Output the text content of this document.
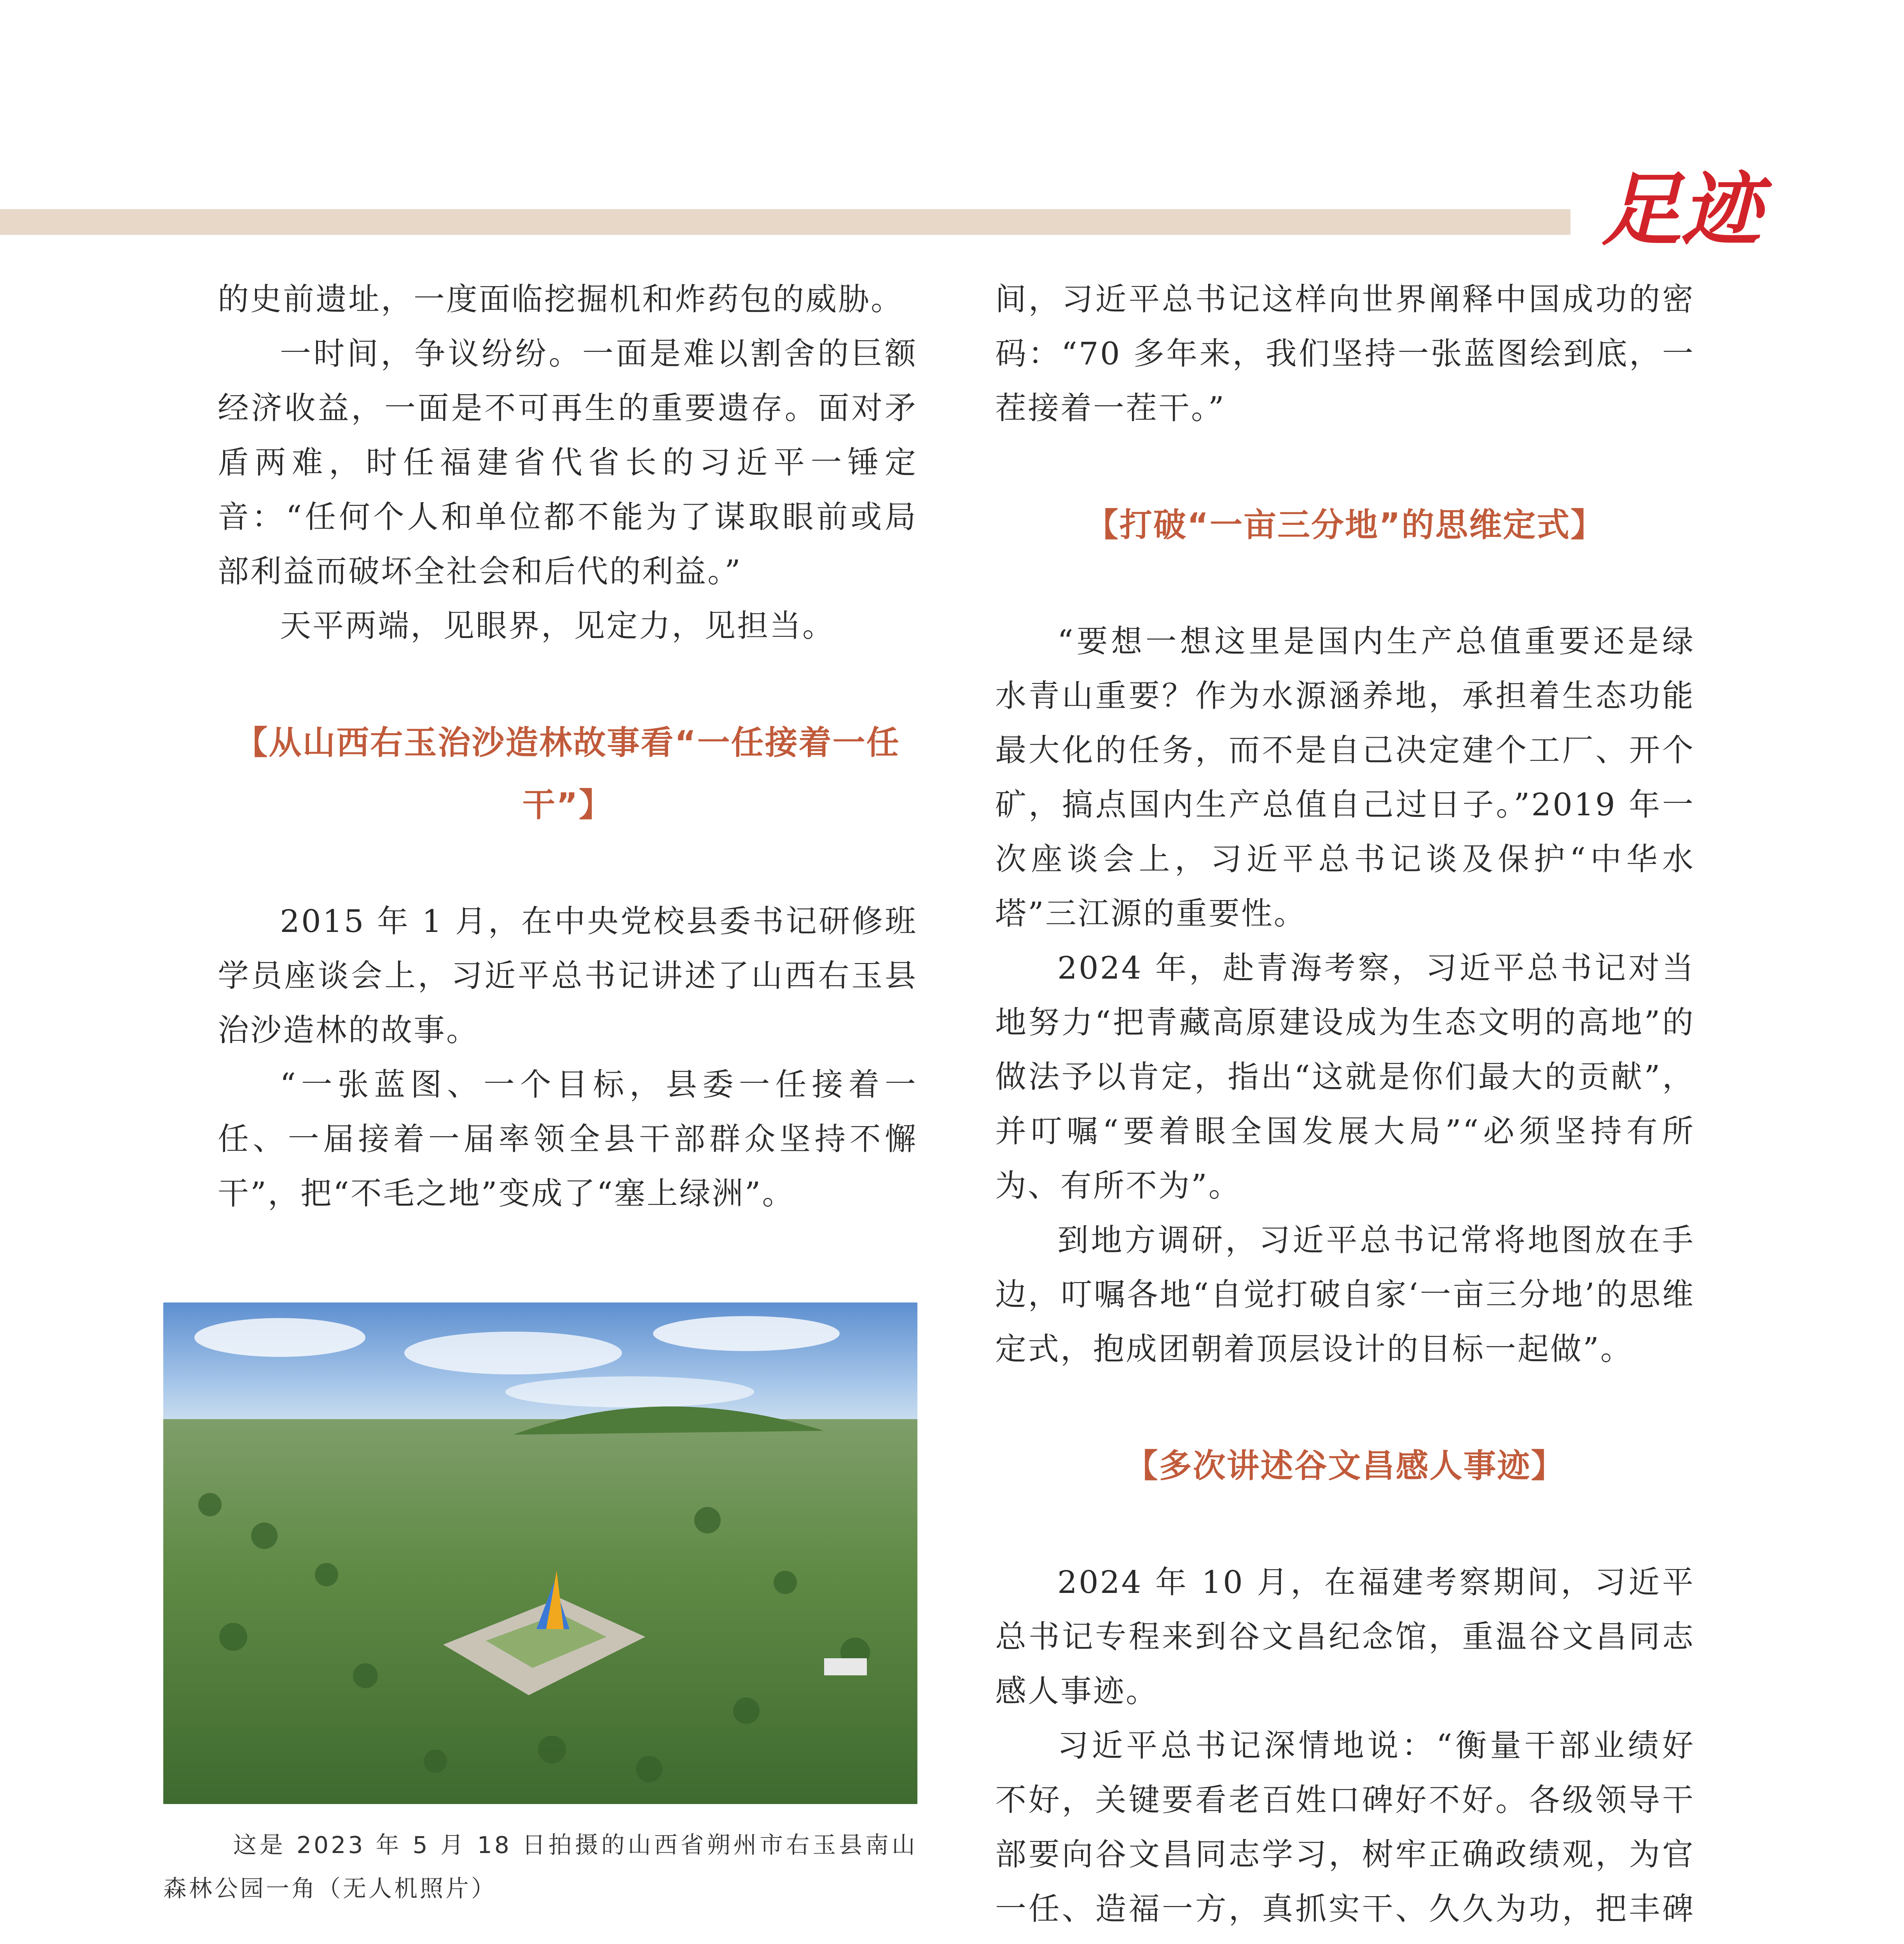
足迹

的史前遗址，一度面临挖掘机和炸药包的威胁。

一时间，争议纷纷。一面是难以割舍的巨额经济收益，一面是不可再生的重要遗存。面对矛盾两难，时任福建省代省长的习近平一锤定音：“任何个人和单位都不能为了谋取眼前或局部利益而破坏全社会和后代的利益。”

天平两端，见眼界，见定力，见担当。

【从山西右玉治沙造林故事看“一任接着一任干”】

2015 年 1 月，在中央党校县委书记研修班学员座谈会上，习近平总书记讲述了山西右玉县治沙造林的故事。

“一张蓝图、一个目标，县委一任接着一任、一届接着一届率领全县干部群众坚持不懈干”，把“不毛之地”变成了“塞上绿洲”。

这是 2023 年 5 月 18 日拍摄的山西省朔州市右玉县南山森林公园一角（无人机照片）

间，习近平总书记这样向世界阐释中国成功的密码：“70 多年来，我们坚持一张蓝图绘到底，一茬接着一茬干。”

【打破“一亩三分地”的思维定式】

“要想一想这里是国内生产总值重要还是绿水青山重要？作为水源涵养地，承担着生态功能最大化的任务，而不是自己决定建个工厂、开个矿，搞点国内生产总值自己过日子。”2019 年一次座谈会上，习近平总书记谈及保护“中华水塔”三江源的重要性。

2024 年，赴青海考察，习近平总书记对当地努力“把青藏高原建设成为生态文明的高地”的做法予以肯定，指出“这就是你们最大的贡献”，并叮嘱“要着眼全国发展大局”“必须坚持有所为、有所不为”。

到地方调研，习近平总书记常将地图放在手边，叮嘱各地“自觉打破自家‘一亩三分地’的思维定式，抱成团朝着顶层设计的目标一起做”。

【多次讲述谷文昌感人事迹】

2024 年 10 月，在福建考察期间，习近平总书记专程来到谷文昌纪念馆，重温谷文昌同志感人事迹。

习近平总书记深情地说：“衡量干部业绩好不好，关键要看老百姓口碑好不好。各级领导干部要向谷文昌同志学习，树牢正确政绩观，为官一任、造福一方，真抓实干、久久为功，把丰碑
